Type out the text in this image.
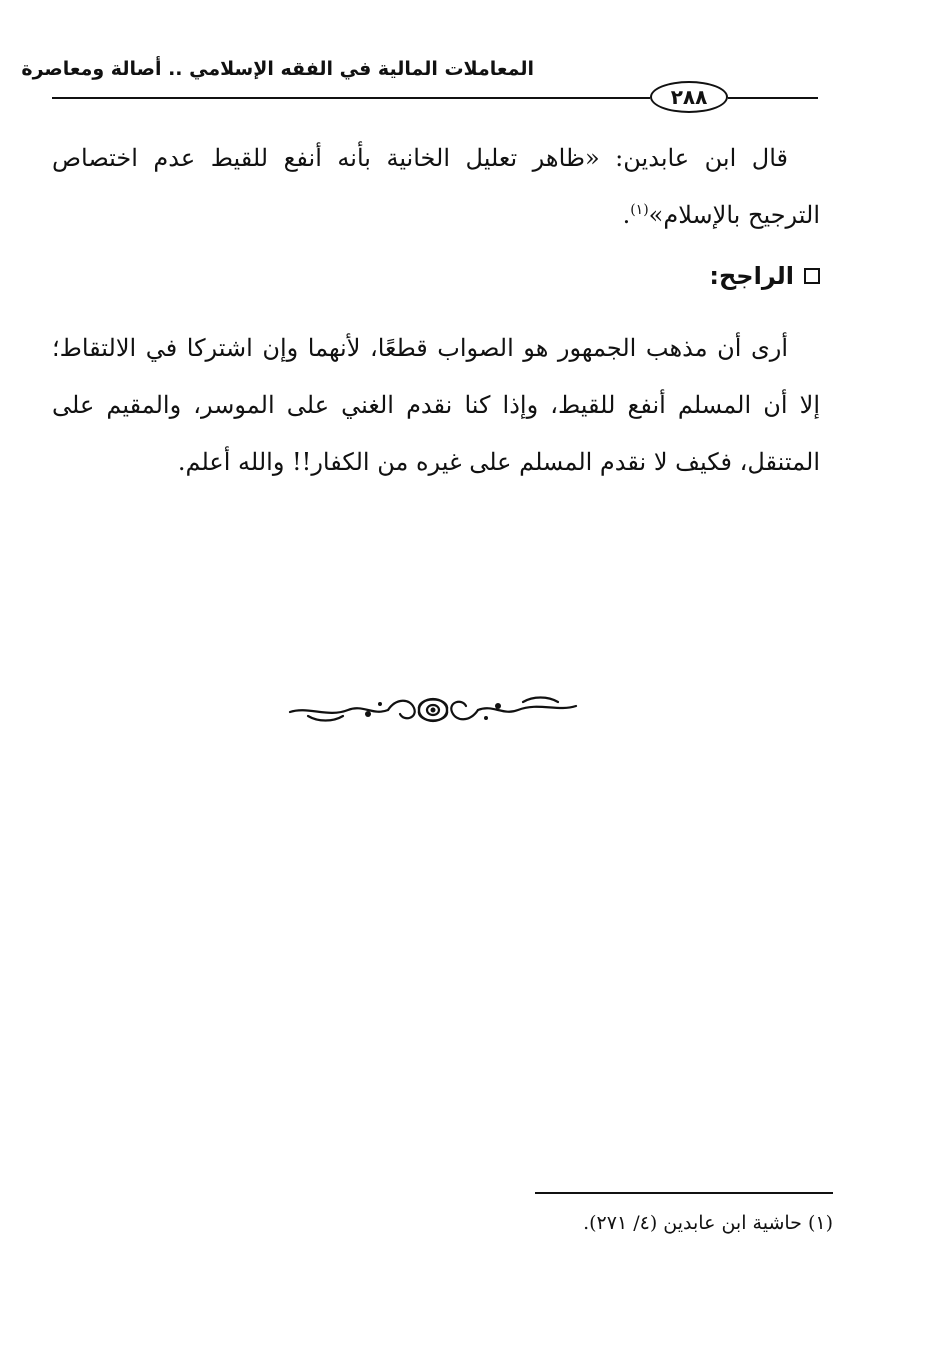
المعاملات المالية في الفقه الإسلامي .. أصالة ومعاصرة
٢٨٨
قال ابن عابدين: «ظاهر تعليل الخانية بأنه أنفع للقيط عدم اختصاص الترجيح بالإسلام»$^{(١)}$.
الراجح:
أرى أن مذهب الجمهور هو الصواب قطعًا، لأنهما وإن اشتركا في الالتقاط؛ إلا أن المسلم أنفع للقيط، وإذا كنا نقدم الغني على الموسر، والمقيم على المتنقل، فكيف لا نقدم المسلم على غيره من الكفار!! والله أعلم.
(١) حاشية ابن عابدين (٤/ ٢٧١).
